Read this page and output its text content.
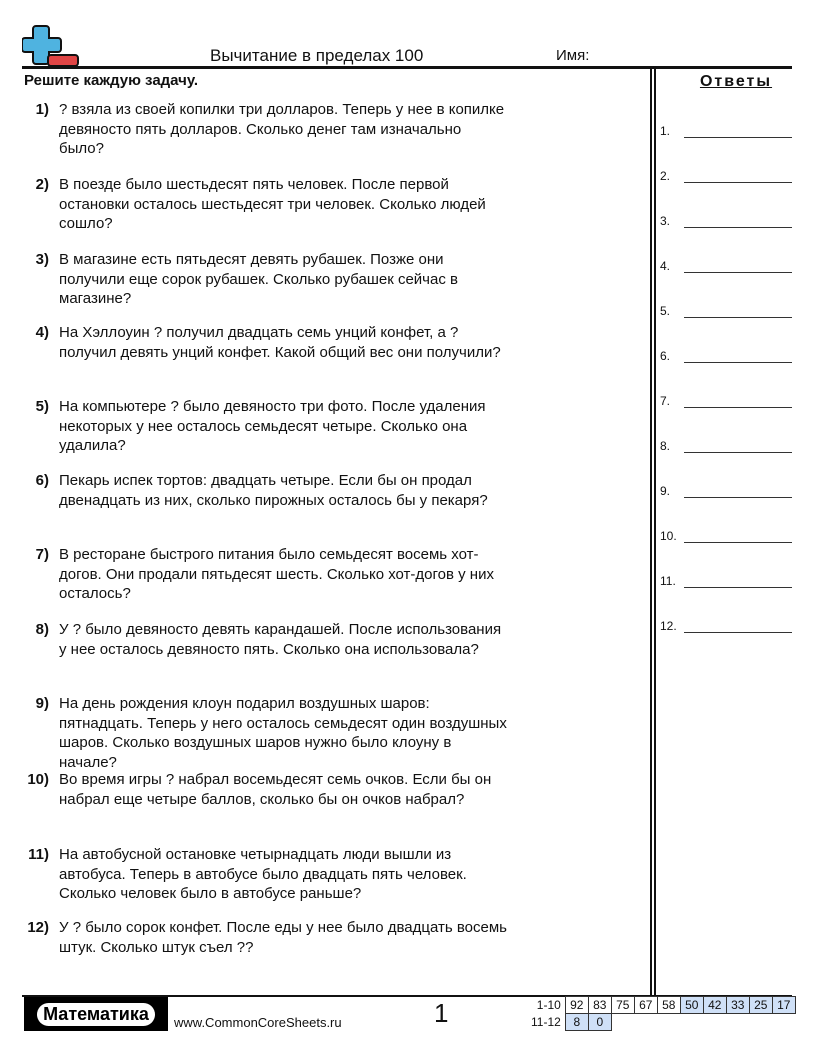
Вычитание в пределах 100	Имя:
Решите каждую задачу.	Ответы
1) ? взяла из своей копилки три долларов. Теперь у нее в копилке девяносто пять долларов. Сколько денег там изначально было?
2) В поезде было шестьдесят пять человек. После первой остановки осталось шестьдесят три человек. Сколько людей сошло?
3) В магазине есть пятьдесят девять рубашек. Позже они получили еще сорок рубашек. Сколько рубашек сейчас в магазине?
4) На Хэллоуин ? получил двадцать семь унций конфет, а ? получил девять унций конфет. Какой общий вес они получили?
5) На компьютере ? было девяносто три фото. После удаления некоторых у нее осталось семьдесят четыре. Сколько она удалила?
6) Пекарь испек тортов: двадцать четыре. Если бы он продал двенадцать из них, сколько пирожных осталось бы у пекаря?
7) В ресторане быстрого питания было семьдесят восемь хот-догов. Они продали пятьдесят шесть. Сколько хот-догов у них осталось?
8) У ? было девяносто девять карандашей. После использования у нее осталось девяносто пять. Сколько она использовала?
9) На день рождения клоун подарил воздушных шаров: пятнадцать. Теперь у него осталось семьдесят один воздушных шаров. Сколько воздушных шаров нужно было клоуну в начале?
10) Во время игры ? набрал восемьдесят семь очков. Если бы он набрал еще четыре баллов, сколько бы он очков набрал?
11) На автобусной остановке четырнадцать люди вышли из автобуса. Теперь в автобусе было двадцать пять человек. Сколько человек было в автобусе раньше?
12) У ? было сорок конфет. После еды у нее было двадцать восемь штук. Сколько штук съел ??
1.
2.
3.
4.
5.
6.
7.
8.
9.
10.
11.
12.
Математика	www.CommonCoreSheets.ru	1	1-10	92	83	75	67	58	50	42	33	25	17
11-12	8	0								
